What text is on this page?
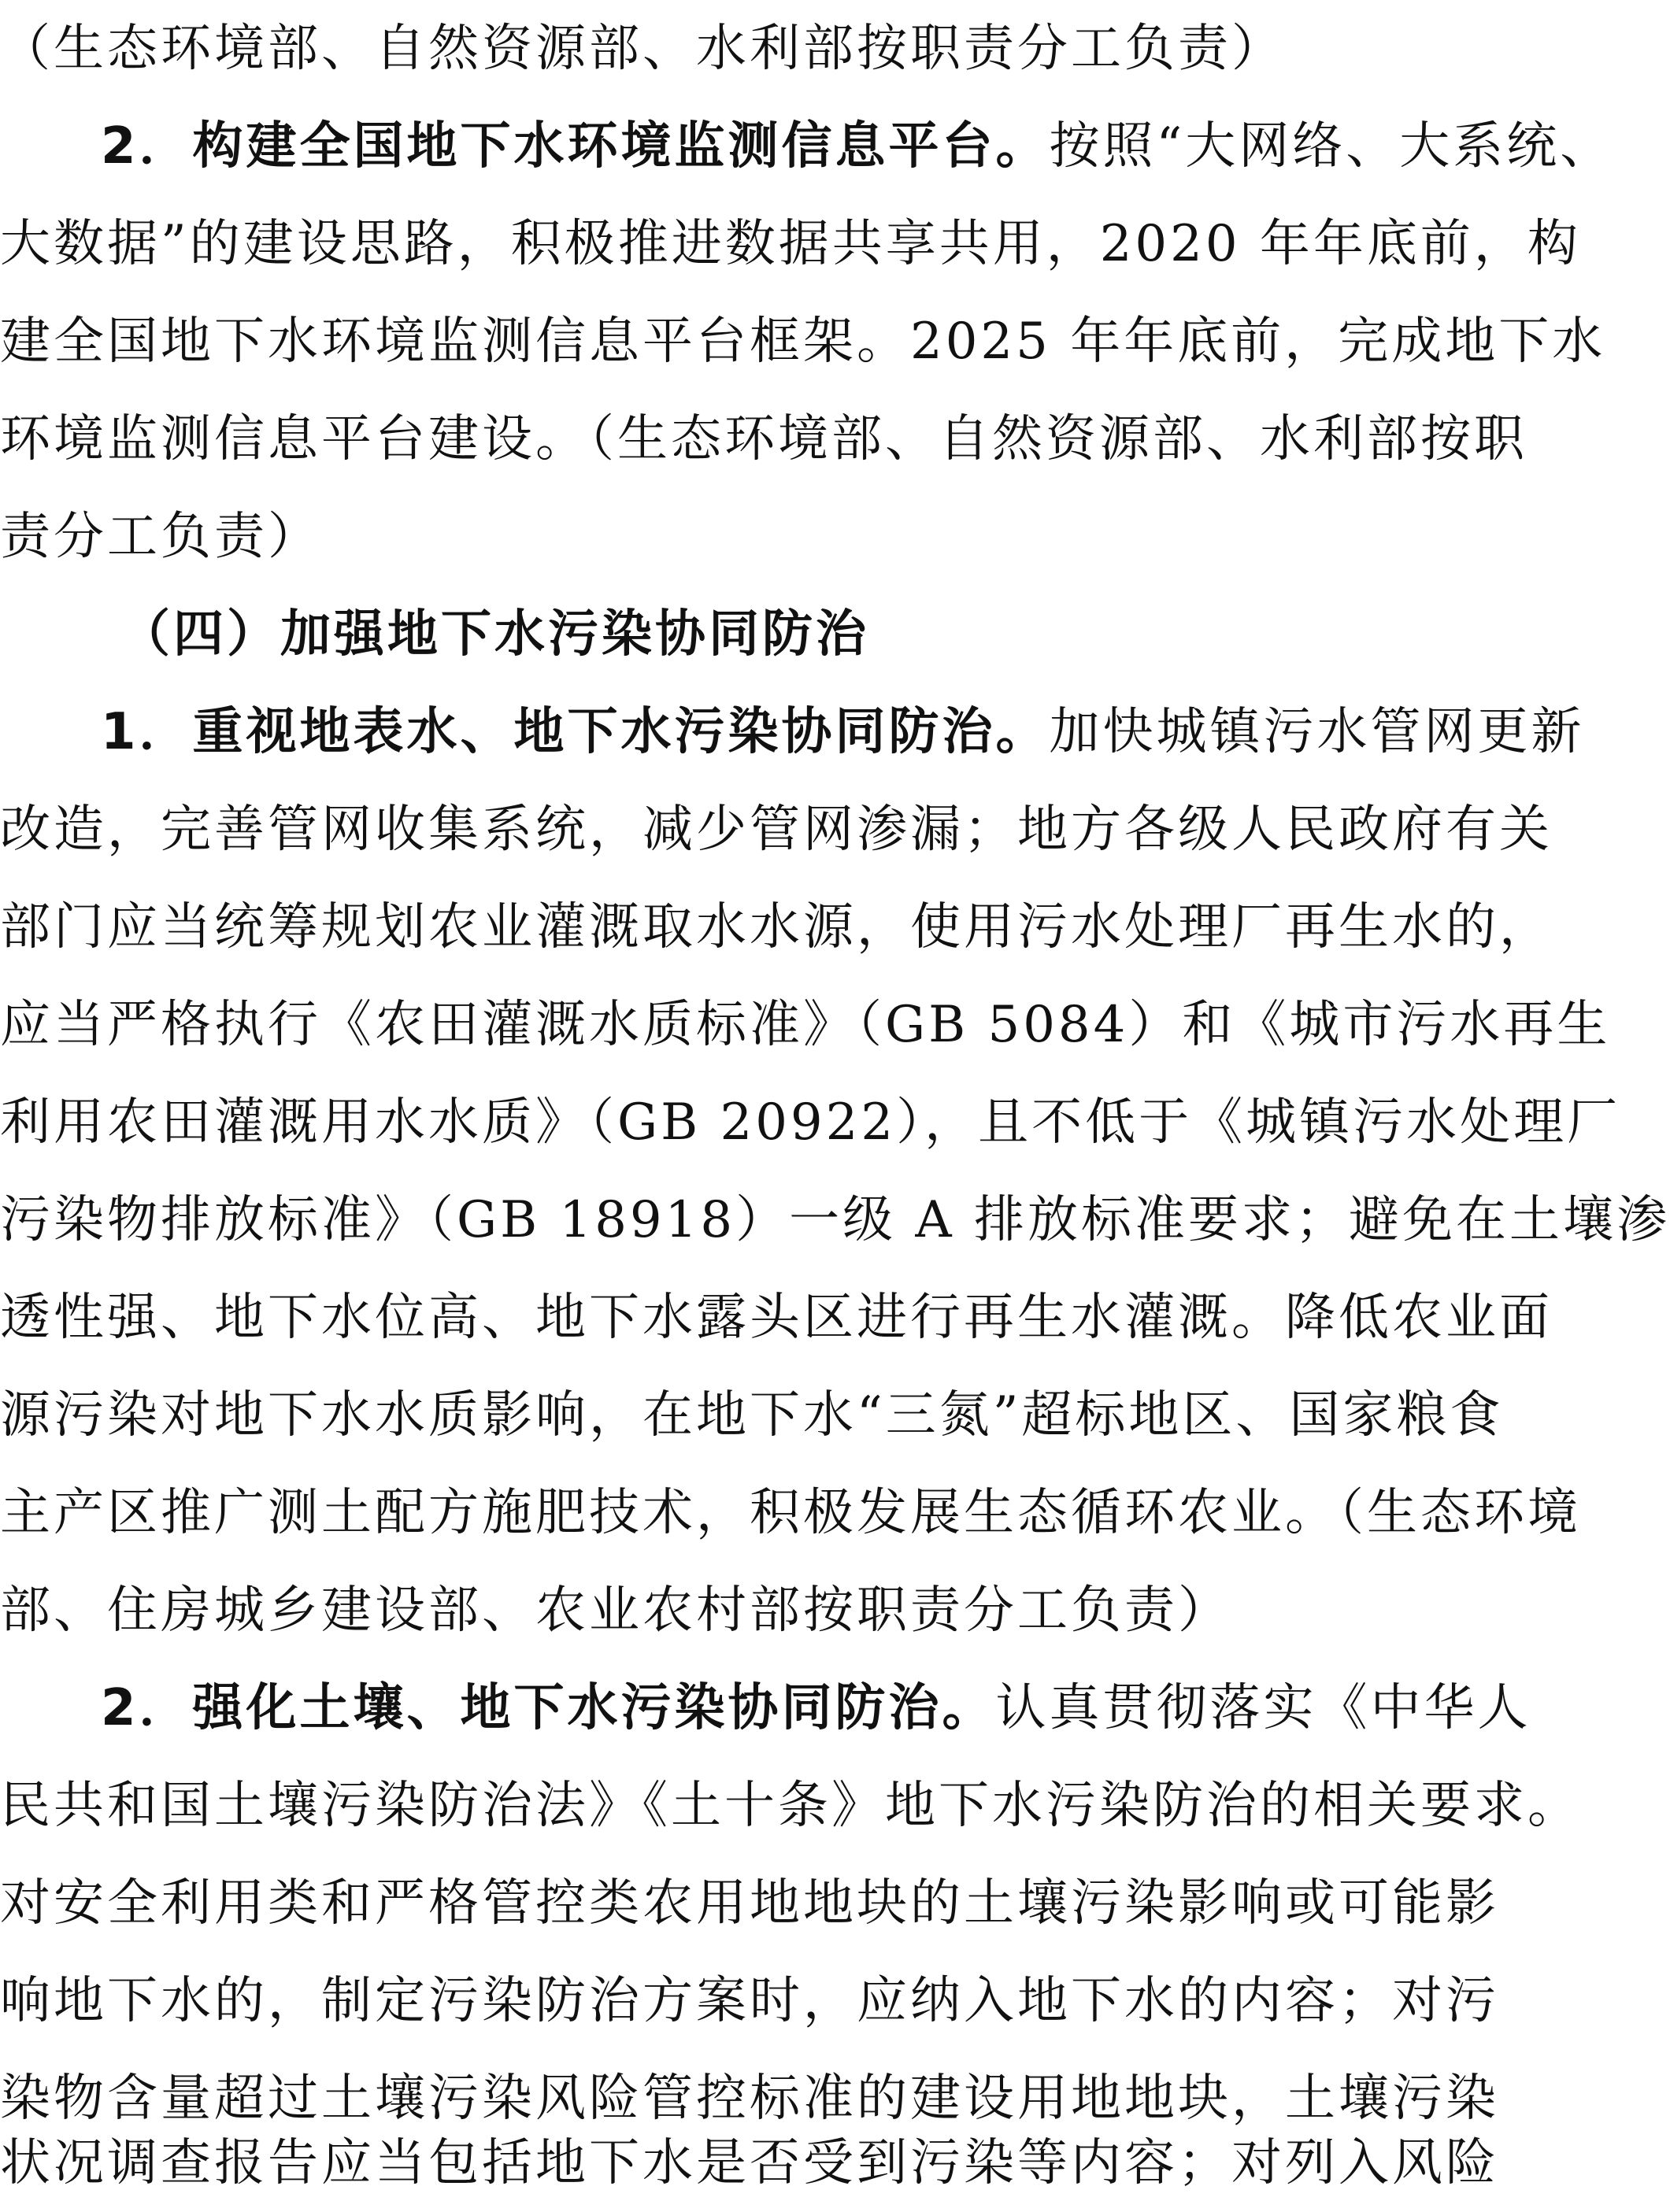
（生态环境部、自然资源部、水利部按职责分工负责）
2．构建全国地下水环境监测信息平台。按照“大网络、大系统、
大数据”的建设思路，积极推进数据共享共用，2020 年年底前，构
建全国地下水环境监测信息平台框架。2025 年年底前，完成地下水
环境监测信息平台建设。（生态环境部、自然资源部、水利部按职
责分工负责）
（四）加强地下水污染协同防治
1．重视地表水、地下水污染协同防治。加快城镇污水管网更新
改造，完善管网收集系统，减少管网渗漏；地方各级人民政府有关
部门应当统筹规划农业灌溉取水水源，使用污水处理厂再生水的，
应当严格执行《农田灌溉水质标准》（GB 5084）和《城市污水再生
利用农田灌溉用水水质》（GB 20922），且不低于《城镇污水处理厂
污染物排放标准》（GB 18918）一级 A 排放标准要求；避免在土壤渗
透性强、地下水位高、地下水露头区进行再生水灌溉。降低农业面
源污染对地下水水质影响，在地下水“三氮”超标地区、国家粮食
主产区推广测土配方施肥技术，积极发展生态循环农业。（生态环境
部、住房城乡建设部、农业农村部按职责分工负责）
2．强化土壤、地下水污染协同防治。认真贯彻落实《中华人
民共和国土壤污染防治法》《土十条》地下水污染防治的相关要求。
对安全利用类和严格管控类农用地地块的土壤污染影响或可能影
响地下水的，制定污染防治方案时，应纳入地下水的内容；对污
染物含量超过土壤污染风险管控标准的建设用地地块，土壤污染
状况调查报告应当包括地下水是否受到污染等内容；对列入风险
